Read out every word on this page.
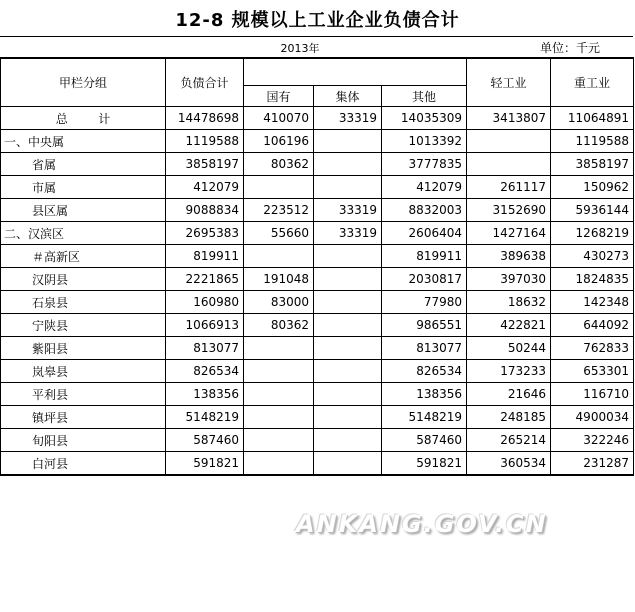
12-8 规模以上工业企业负债合计
2013年	单位：千元
甲栏分组	负债合计				轻工业	重工业
		国有	集体	其他		
总        计	14478698	410070	33319	14035309	3413807	11064891
一、中央属	1119588	106196		1013392		1119588
省属	3858197	80362		3777835		3858197
市属	412079			412079	261117	150962
县区属	9088834	223512	33319	8832003	3152690	5936144
二、汉滨区	2695383	55660	33319	2606404	1427164	1268219
＃高新区	819911			819911	389638	430273
汉阴县	2221865	191048		2030817	397030	1824835
石泉县	160980	83000		77980	18632	142348
宁陕县	1066913	80362		986551	422821	644092
紫阳县	813077			813077	50244	762833
岚皋县	826534			826534	173233	653301
平利县	138356			138356	21646	116710
镇坪县	5148219			5148219	248185	4900034
旬阳县	587460			587460	265214	322246
白河县	591821			591821	360534	231287
ANKANG.GOV.CN
